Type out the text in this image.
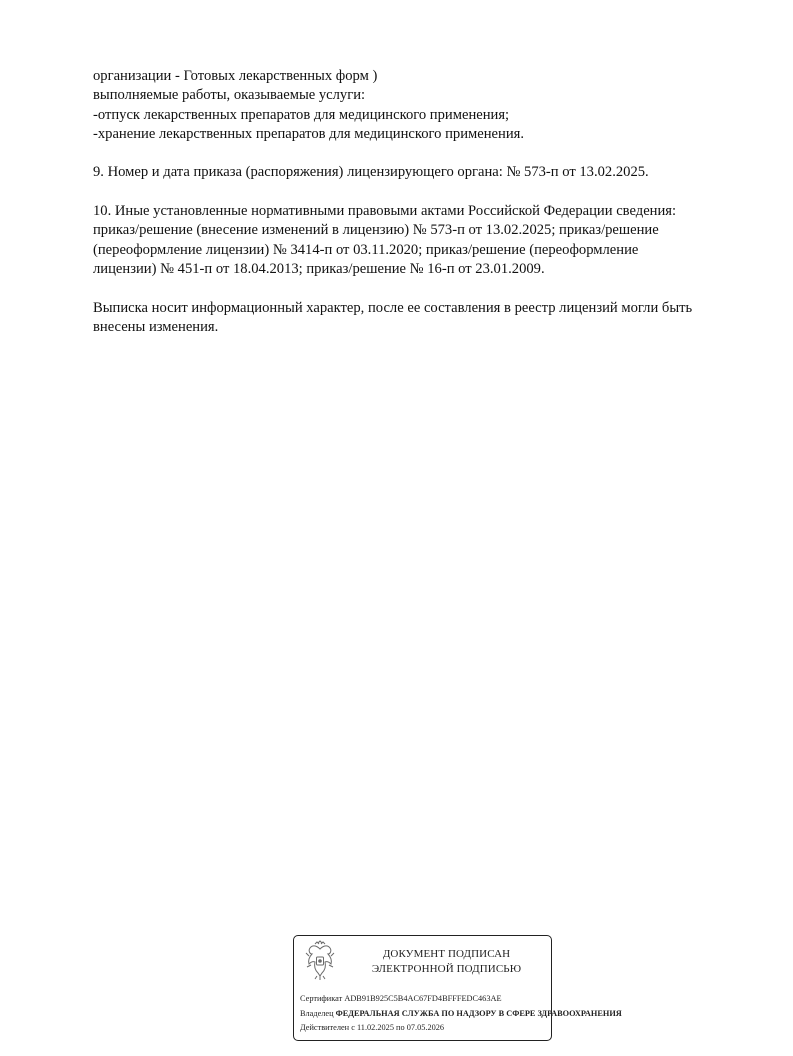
организации - Готовых лекарственных форм )
выполняемые работы, оказываемые услуги:
-отпуск лекарственных препаратов для медицинского применения;
-хранение лекарственных препаратов для медицинского применения.
9. Номер и дата приказа (распоряжения) лицензирующего органа: № 573-п от 13.02.2025.
10. Иные установленные нормативными правовыми актами Российской Федерации сведения:
приказ/решение (внесение изменений в лицензию) № 573-п от 13.02.2025; приказ/решение
(переоформление лицензии) № 3414-п от 03.11.2020; приказ/решение (переоформление
лицензии) № 451-п от 18.04.2013; приказ/решение № 16-п от 23.01.2009.
Выписка носит информационный характер, после ее составления в реестр лицензий могли быть
внесены изменения.
ДОКУМЕНТ ПОДПИСАН
ЭЛЕКТРОННОЙ ПОДПИСЬЮ
Сертификат ADB91B925C5B4AC67FD4BFFFEDC463AE
Владелец ФЕДЕРАЛЬНАЯ СЛУЖБА ПО НАДЗОРУ В СФЕРЕ ЗДРАВООХРАНЕНИЯ
Действителен с 11.02.2025 по 07.05.2026
